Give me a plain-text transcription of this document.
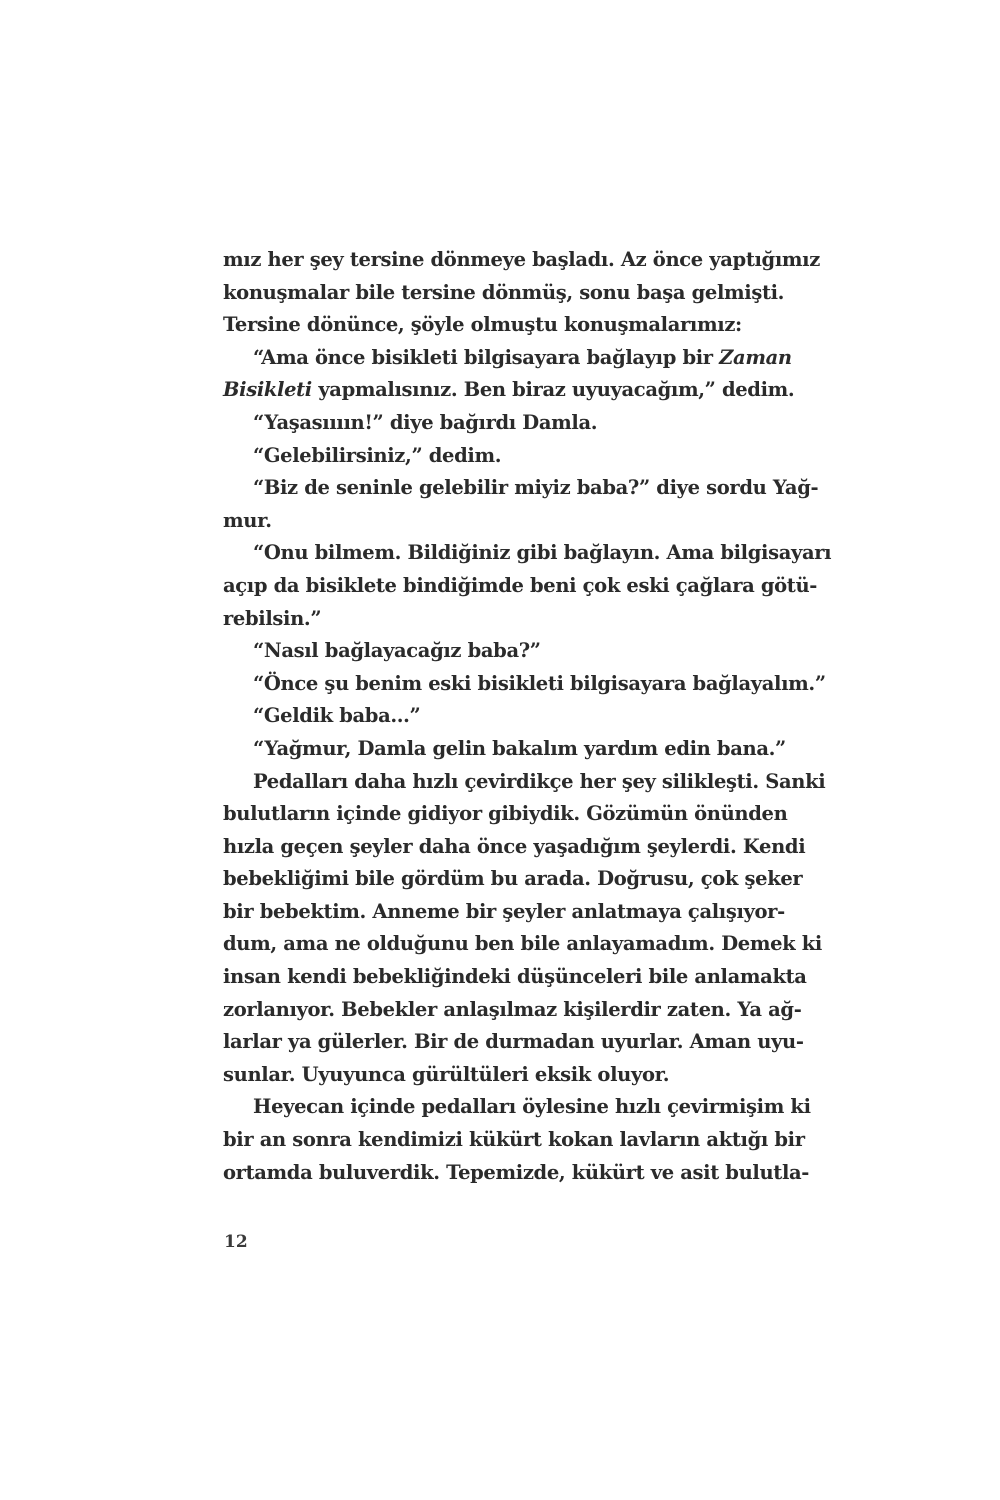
mız her şey tersine dönmeye başladı. Az önce yaptığımız
konuşmalar bile tersine dönmüş, sonu başa gelmişti.
Tersine dönünce, şöyle olmuştu konuşmalarımız:
“Ama önce bisikleti bilgisayara bağlayıp bir Zaman
Bisikleti yapmalısınız. Ben biraz uyuyacağım,” dedim.
“Yaşasıııın!” diye bağırdı Damla.
“Gelebilirsiniz,” dedim.
“Biz de seninle gelebilir miyiz baba?” diye sordu Yağ-
mur.
“Onu bilmem. Bildiğiniz gibi bağlayın. Ama bilgisayarı
açıp da bisiklete bindiğimde beni çok eski çağlara götü-
rebilsin.”
“Nasıl bağlayacağız baba?”
“Önce şu benim eski bisikleti bilgisayara bağlayalım.”
“Geldik baba…”
“Yağmur, Damla gelin bakalım yardım edin bana.”
Pedalları daha hızlı çevirdikçe her şey silikleşti. Sanki
bulutların içinde gidiyor gibiydik. Gözümün önünden
hızla geçen şeyler daha önce yaşadığım şeylerdi. Kendi
bebekliğimi bile gördüm bu arada. Doğrusu, çok şeker
bir bebektim. Anneme bir şeyler anlatmaya çalışıyor-
dum, ama ne olduğunu ben bile anlayamadım. Demek ki
insan kendi bebekliğindeki düşünceleri bile anlamakta
zorlanıyor. Bebekler anlaşılmaz kişilerdir zaten. Ya ağ-
larlar ya gülerler. Bir de durmadan uyurlar. Aman uyu-
sunlar. Uyuyunca gürültüleri eksik oluyor.
Heyecan içinde pedalları öylesine hızlı çevirmişim ki
bir an sonra kendimizi kükürt kokan lavların aktığı bir
ortamda buluverdik. Tepemizde, kükürt ve asit bulutla-
12
